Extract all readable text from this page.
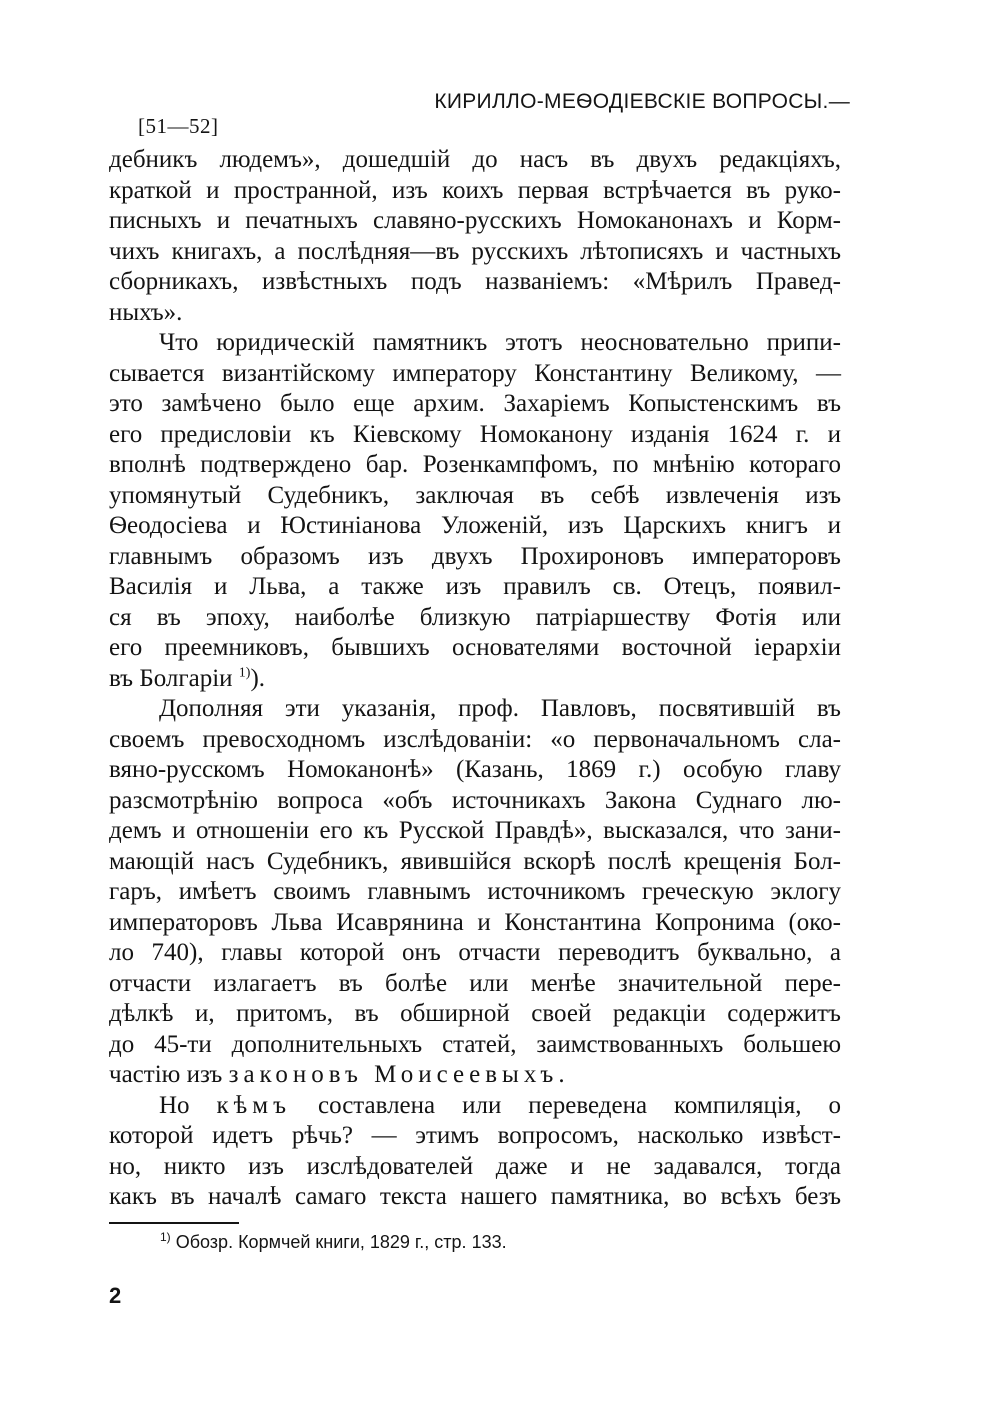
[51—52]
КИРИЛЛО-МЕѲОДІЕВСКІЕ ВОПРОСЫ.—
дебникъ людемъ», дошедшій до насъ въ двухъ редакціяхъ,
краткой и пространной, изъ коихъ первая встрѣчается въ руко-
писныхъ и печатныхъ славяно-русскихъ Номоканонахъ и Корм-
чихъ книгахъ, а послѣдняя—въ русскихъ лѣтописяхъ и частныхъ
сборникахъ, извѣстныхъ подъ названіемъ: «Мѣрилъ Правед-
ныхъ».
Что юридическій памятникъ этотъ неосновательно припи-
сывается византійскому императору Константину Великому, —
это замѣчено было еще архим. Захаріемъ Копыстенскимъ въ
его предисловіи къ Кіевскому Номоканону изданія 1624 г. и
вполнѣ подтверждено бар. Розенкампфомъ, по мнѣнію котораго
упомянутый Судебникъ, заключая въ себѣ извлеченія изъ
Ѳеодосіева и Юстиніанова Уложеній, изъ Царскихъ книгъ и
главнымъ образомъ изъ двухъ Прохироновъ императоровъ
Василія и Льва, а также изъ правилъ св. Отецъ, появил-
ся въ эпоху, наиболѣе близкую патріаршеству Фотія или
его преемниковъ, бывшихъ основателями восточной іерархіи
въ Болгаріи $^{1)}$).
Дополняя эти указанія, проф. Павловъ, посвятившій въ
своемъ превосходномъ изслѣдованіи: «о первоначальномъ сла-
вяно-русскомъ Номоканонѣ» (Казань, 1869 г.) особую главу
разсмотрѣнію вопроса «объ источникахъ Закона Суднаго лю-
демъ и отношеніи его къ Русской Правдѣ», высказался, что зани-
мающій насъ Судебникъ, явившійся вскорѣ послѣ крещенія Бол-
гаръ, имѣетъ своимъ главнымъ источникомъ греческую эклогу
императоровъ Льва Исаврянина и Константина Копронима (око-
ло 740), главы которой онъ отчасти переводитъ буквально, а
отчасти излагаетъ въ болѣе или менѣе значительной пере-
дѣлкѣ и, притомъ, въ обширной своей редакціи содержитъ
до 45-ти дополнительныхъ статей, заимствованныхъ большею
частію изъ законовъ Моисеевыхъ.
Но кѣмъ составлена или переведена компиляція, о
которой идетъ рѣчь? — этимъ вопросомъ, насколько извѣст-
но, никто изъ изслѣдователей даже и не задавался, тогда
какъ въ началѣ самаго текста нашего памятника, во всѣхъ безъ
$^{1)}$ Обозр. Кормчей книги, 1829 г., стр. 133.
2
